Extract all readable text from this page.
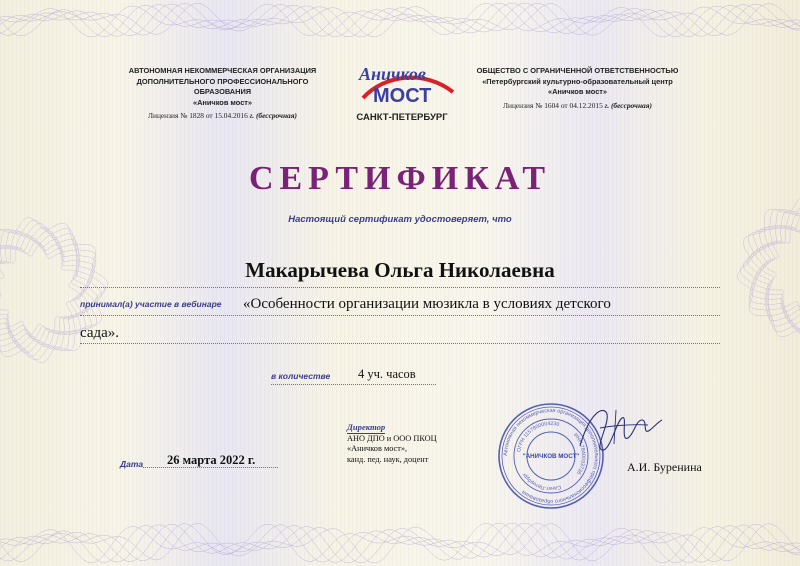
АВТОНОМНАЯ НЕКОММЕРЧЕСКАЯ ОРГАНИЗАЦИЯ
ДОПОЛНИТЕЛЬНОГО ПРОФЕССИОНАЛЬНОГО ОБРАЗОВАНИЯ
«Аничков мост»
Лицензия № 1828 от 15.04.2016 г. (бессрочная)
Аничков
МОСТ
САНКТ-ПЕТЕРБУРГ
ОБЩЕСТВО С ОГРАНИЧЕННОЙ ОТВЕТСТВЕННОСТЬЮ
«Петербургский культурно-образовательный центр
«Аничков мост»
Лицензия № 1604 от 04.12.2015 г. (бессрочная)
СЕРТИФИКАТ
Настоящий сертификат удостоверяет, что
Макарычева Ольга Николаевна
принимал(а) участие в вебинаре «Особенности организации мюзикла в условиях детского
сада».
в количестве 4 уч. часов
Директор
АНО ДПО и ООО ПКОЦ
«Аничков мост»,
канд. пед. наук, доцент
Дата 26 марта 2022 г.	Автономная некоммерческая организация дополнительного профессионального образования
ОГРН 1157800004230
ИНН 7840033736
Санкт-Петербург
"АНИЧКОВ МОСТ"
А.И. Буренина
